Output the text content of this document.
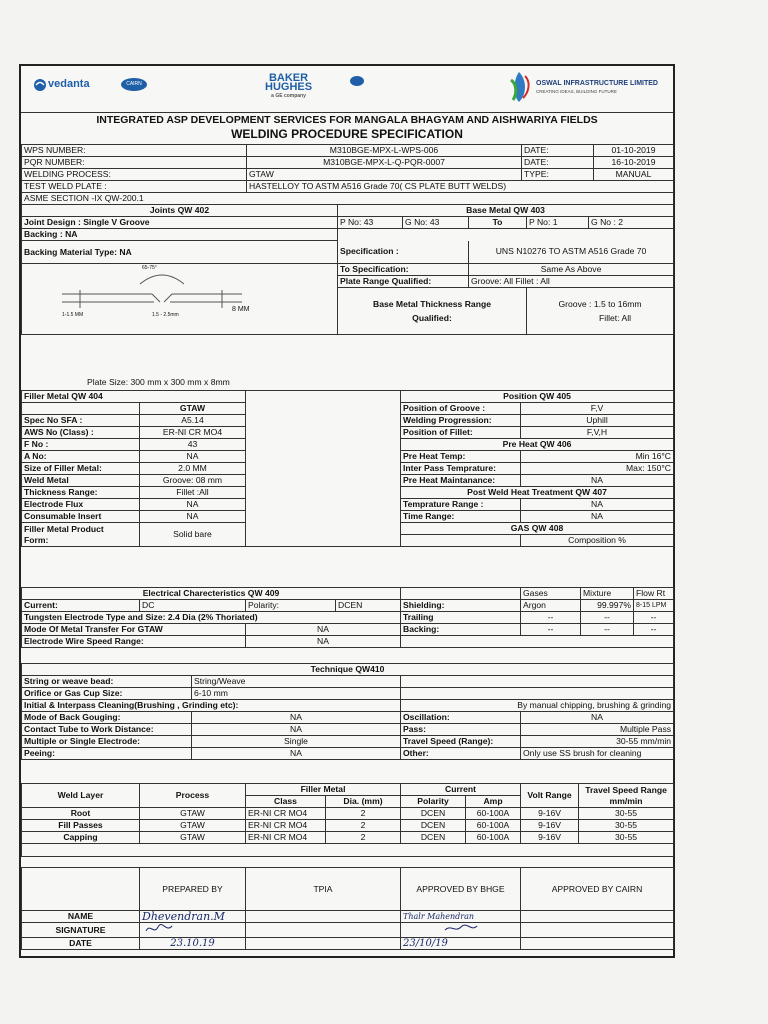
vedanta	CAIRN	BAKER
HUGHES
a GE company
OSWAL INFRASTRUCTURE LIMITED
CREATING IDEAS, BUILDING FUTURE
INTEGRATED ASP DEVELOPMENT SERVICES FOR MANGALA BHAGYAM AND AISHWARIYA FIELDS
WELDING PROCEDURE SPECIFICATION
WPS NUMBER:	M310BGE-MPX-L-WPS-006	DATE:	01-10-2019
PQR NUMBER:	M310BGE-MPX-L-Q-PQR-0007	DATE:	16-10-2019
WELDING PROCESS:	GTAW	TYPE:	MANUAL
TEST WELD PLATE :	HASTELLOY TO ASTM A516 Grade 70( CS PLATE BUTT WELDS)		
ASME SECTION -IX QW-200.1			
Joints QW 402	Base Metal QW 403				
Joint Design : Single V Groove	P No: 43	G No: 43	To	P No: 1	G No : 2
Backing : NA					
Backing Material Type: NA	Specification :		UNS N10276 TO ASTM A516 Grade 70		

65-75°
1-1.5 MM 1.5 - 2.5mm
8 MM	To Specification:		Same As Above		
	Plate Range Qualified:		Groove: All Fillet : All		
	Base Metal Thickness Range
Qualified:			Groove : 1.5 to 16mm
Fillet: All	

Plate Size: 300 mm x 300 mm x 8mm
Filler Metal QW 404			Position QW 405	
	GTAW		Position of Groove :	F,V
Spec No SFA :	A5.14		Welding Progression:	Uphill
AWS No (Class) :	ER-NI CR MO4		Position of Fillet:	F,V,H
F No :	43		Pre Heat QW 406	
A No:	NA		Pre Heat Temp:	Min 16°C
Size of Filler Metal:	2.0 MM		Inter Pass Temprature:	Max: 150°C
Weld Metal	Groove: 08 mm		Pre Heat Maintanance:	NA
Thickness Range:	Fillet :All		Post Weld Heat Treatment QW 407	
Electrode Flux	NA		Temprature Range :	NA
Consumable Insert	NA		Time Range:	NA
Filler Metal Product
Form:	Solid bare		GAS QW 408	
				Composition %
Electrical Charecteristics QW 409					Gases	Mixture	Flow Rt
Current:	DC	Polarity:	DCEN	Shielding:	Argon	99.997%	8-15 LPM
Tungsten Electrode Type and Size: 2.4 Dia (2% Thoriated)				Trailing	--	--	--
Mode Of Metal Transfer For GTAW		NA		Backing:	--	--	--
Electrode Wire Speed Range:		NA					
Technique QW410			
String or weave bead:	String/Weave		
Orifice or Gas Cup Size:	6-10 mm		
Initial & Interpass Cleaning(Brushing , Grinding etc):		By manual chipping, brushing & grinding	
Mode of Back Gouging:	NA	Oscillation:	NA
Contact Tube to Work Distance:	NA	Pass:	Multiple Pass
Multiple or Single Electrode:	Single	Travel Speed (Range):	30-55 mm/min
Peeing:	NA	Other:	Only use SS brush for cleaning
Weld Layer	Process	Filler Metal		Current		Volt Range	Travel Speed Range mm/min
		Class	Dia. (mm)	Polarity	Amp		
Root	GTAW	ER-NI CR MO4	2	DCEN	60-100A	9-16V	30-55
Fill Passes	GTAW	ER-NI CR MO4	2	DCEN	60-100A	9-16V	30-55
Capping	GTAW	ER-NI CR MO4	2	DCEN	60-100A	9-16V	30-55

	PREPARED BY	TPIA	APPROVED BY BHGE	APPROVED BY CAIRN
NAME	Dhevendran.M		Thalr Mahendran	
SIGNATURE				
DATE	23.10.19		23/10/19	
